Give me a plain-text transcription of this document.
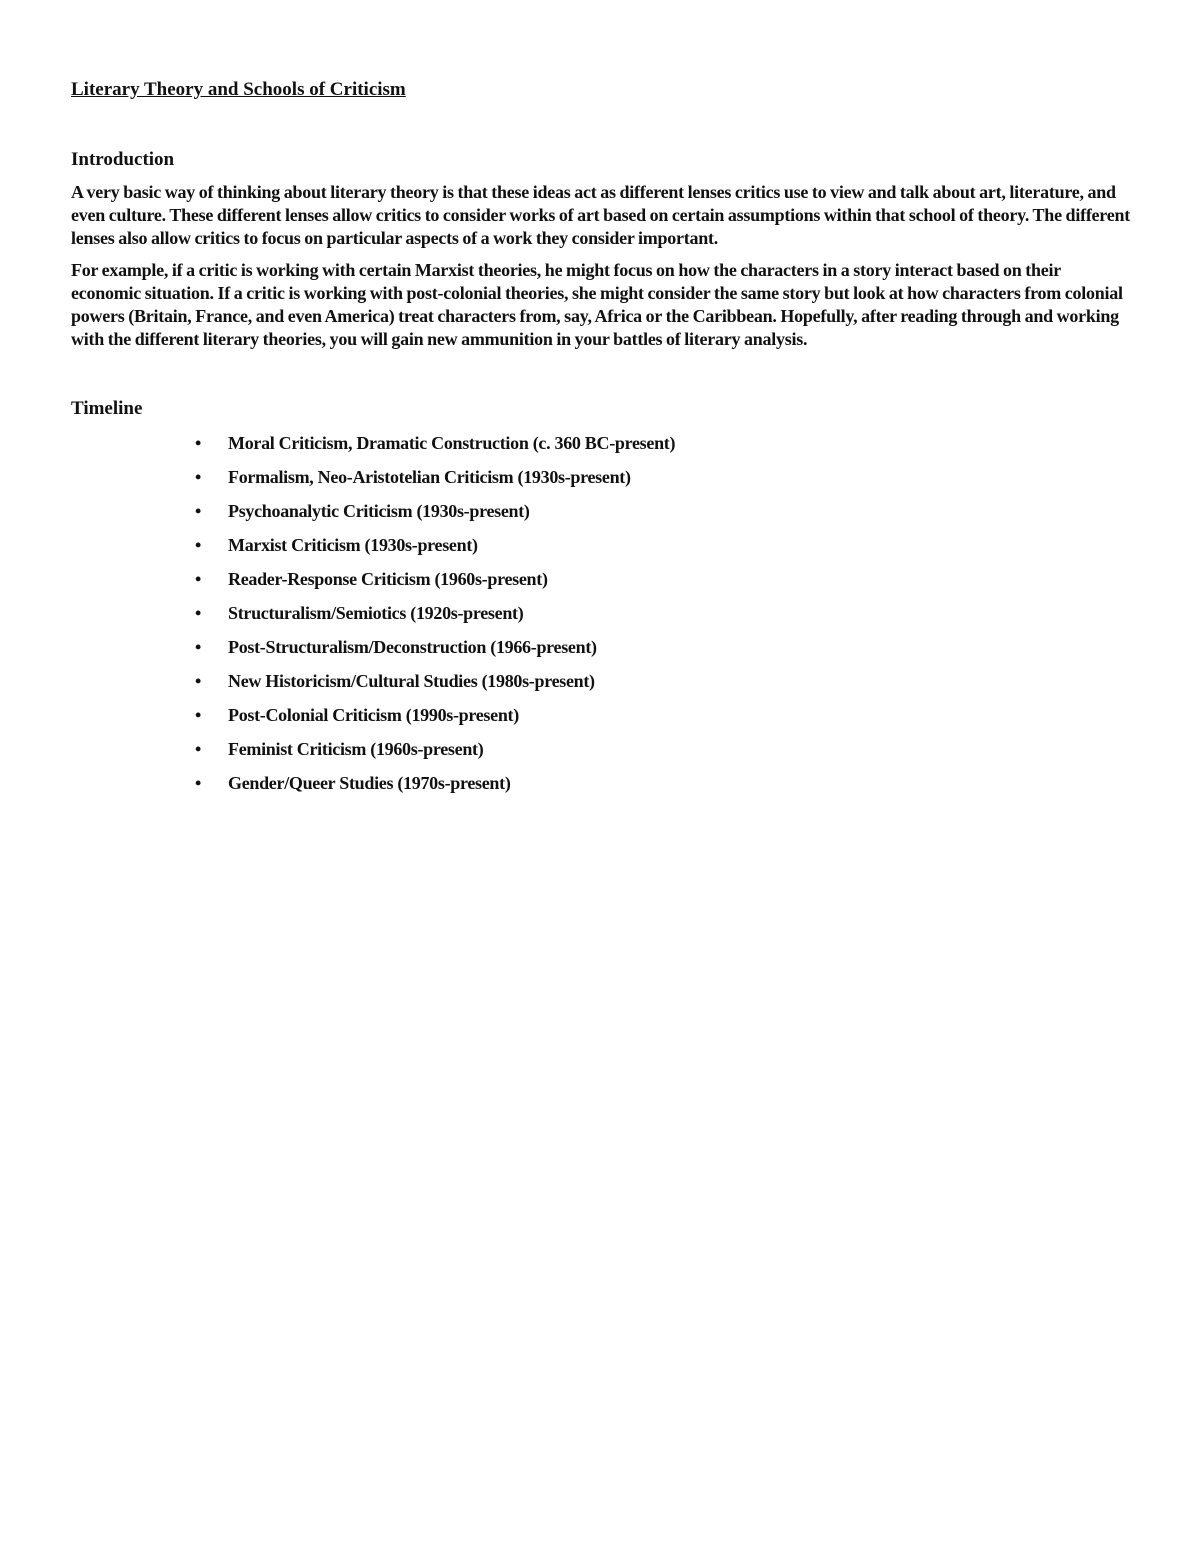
Literary Theory and Schools of Criticism

Introduction

A very basic way of thinking about literary theory is that these ideas act as different lenses critics use to view and talk about art, literature, and even culture. These different lenses allow critics to consider works of art based on certain assumptions within that school of theory. The different lenses also allow critics to focus on particular aspects of a work they consider important.

For example, if a critic is working with certain Marxist theories, he might focus on how the characters in a story interact based on their economic situation. If a critic is working with post-colonial theories, she might consider the same story but look at how characters from colonial powers (Britain, France, and even America) treat characters from, say, Africa or the Caribbean. Hopefully, after reading through and working with the different literary theories, you will gain new ammunition in your battles of literary analysis.

Timeline

• Moral Criticism, Dramatic Construction (c. 360 BC-present)
• Formalism, Neo-Aristotelian Criticism (1930s-present)
• Psychoanalytic Criticism (1930s-present)
• Marxist Criticism (1930s-present)
• Reader-Response Criticism (1960s-present)
• Structuralism/Semiotics (1920s-present)
• Post-Structuralism/Deconstruction (1966-present)
• New Historicism/Cultural Studies (1980s-present)
• Post-Colonial Criticism (1990s-present)
• Feminist Criticism (1960s-present)
• Gender/Queer Studies (1970s-present)
